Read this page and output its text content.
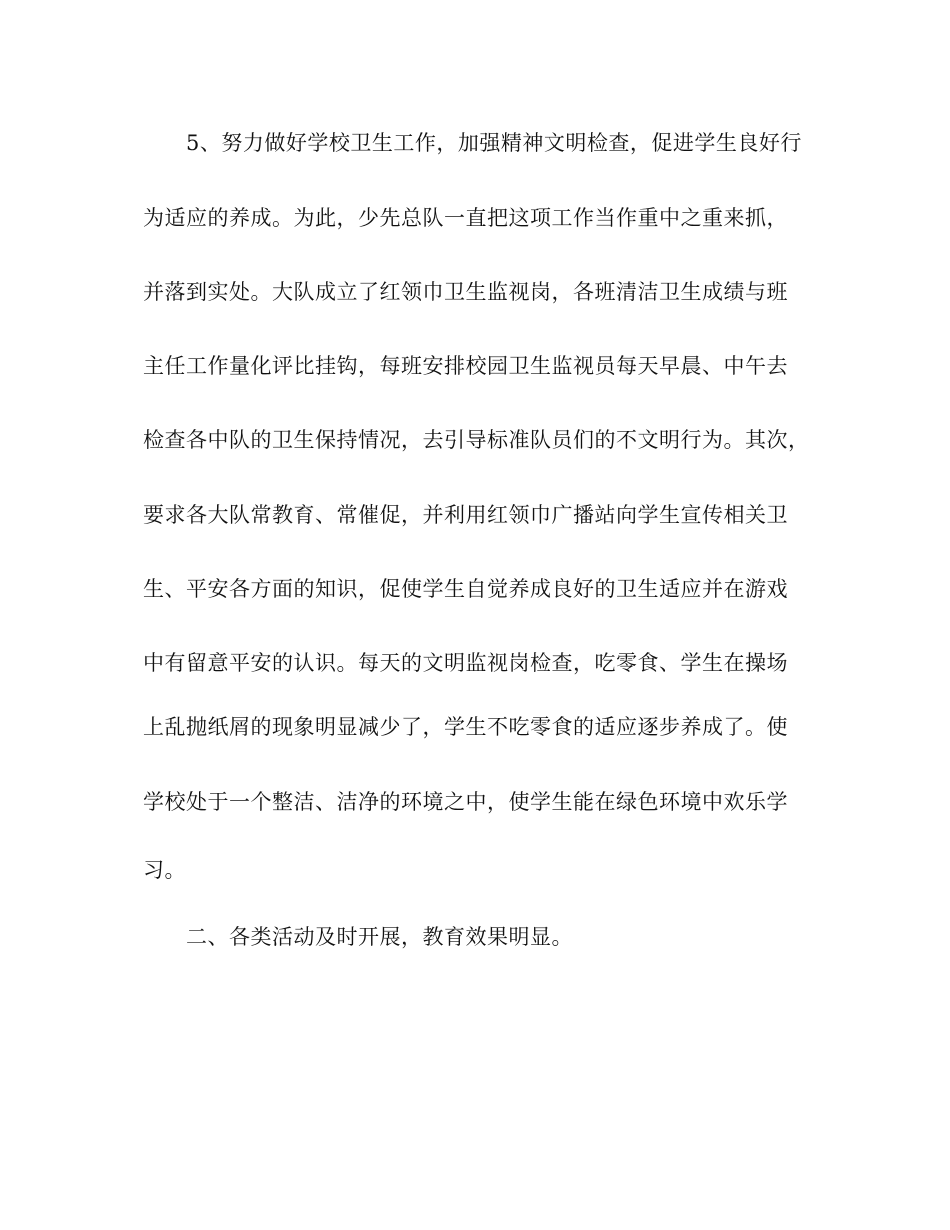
5、努力做好学校卫生工作，加强精神文明检查，促进学生良好行
为适应的养成。为此，少先总队一直把这项工作当作重中之重来抓，
并落到实处。大队成立了红领巾卫生监视岗，各班清洁卫生成绩与班
主任工作量化评比挂钩，每班安排校园卫生监视员每天早晨、中午去
检查各中队的卫生保持情况，去引导标准队员们的不文明行为。其次，
要求各大队常教育、常催促，并利用红领巾广播站向学生宣传相关卫
生、平安各方面的知识，促使学生自觉养成良好的卫生适应并在游戏
中有留意平安的认识。每天的文明监视岗检查，吃零食、学生在操场
上乱抛纸屑的现象明显减少了，学生不吃零食的适应逐步养成了。使
学校处于一个整洁、洁净的环境之中，使学生能在绿色环境中欢乐学
习。
二、各类活动及时开展，教育效果明显。
